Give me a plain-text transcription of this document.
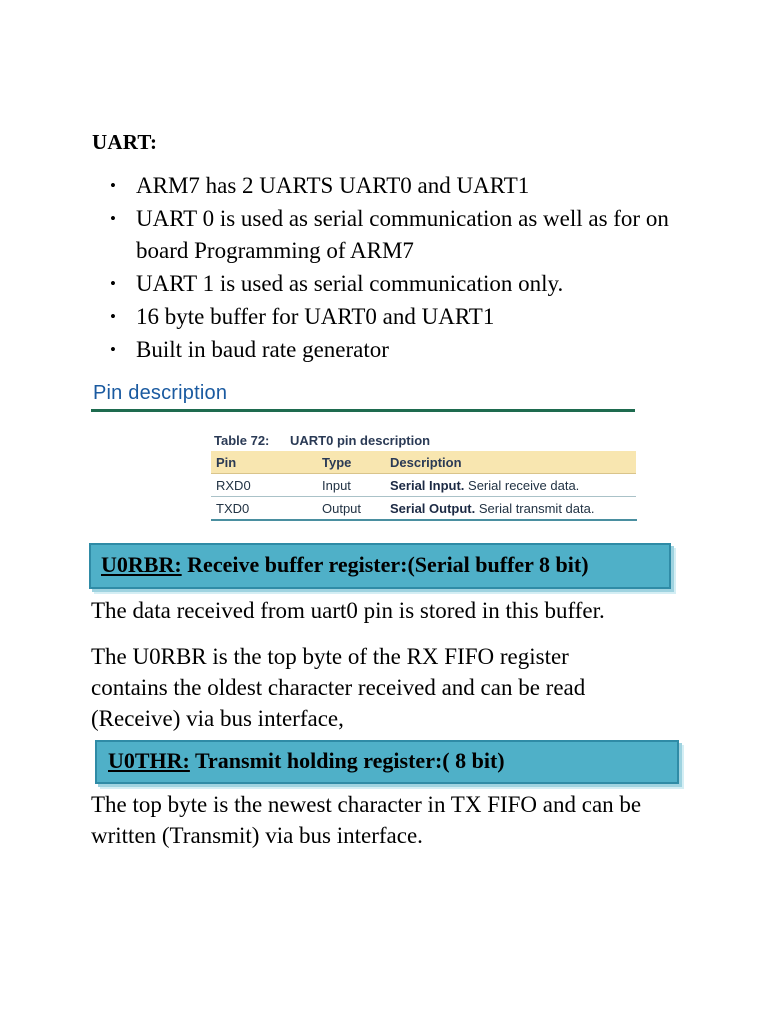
UART:
• ARM7 has 2 UARTS UART0 and UART1
• UART 0 is used as serial communication as well as for on board Programming of ARM7
• UART 1 is used as serial communication only.
• 16 byte buffer for UART0 and UART1
• Built in baud rate generator
Pin description
Table 72: UART0 pin description
Pin	Type	Description
RXD0	Input	Serial Input. Serial receive data.
TXD0	Output	Serial Output. Serial transmit data.
U0RBR: Receive buffer register:(Serial buffer 8 bit)

The data received from uart0 pin is stored in this buffer.

The U0RBR is the top byte of the RX FIFO register contains the oldest character received and can be read (Receive) via bus interface,

U0THR: Transmit holding register:( 8 bit)

The top byte is the newest character in TX FIFO and can be written (Transmit) via bus interface.
